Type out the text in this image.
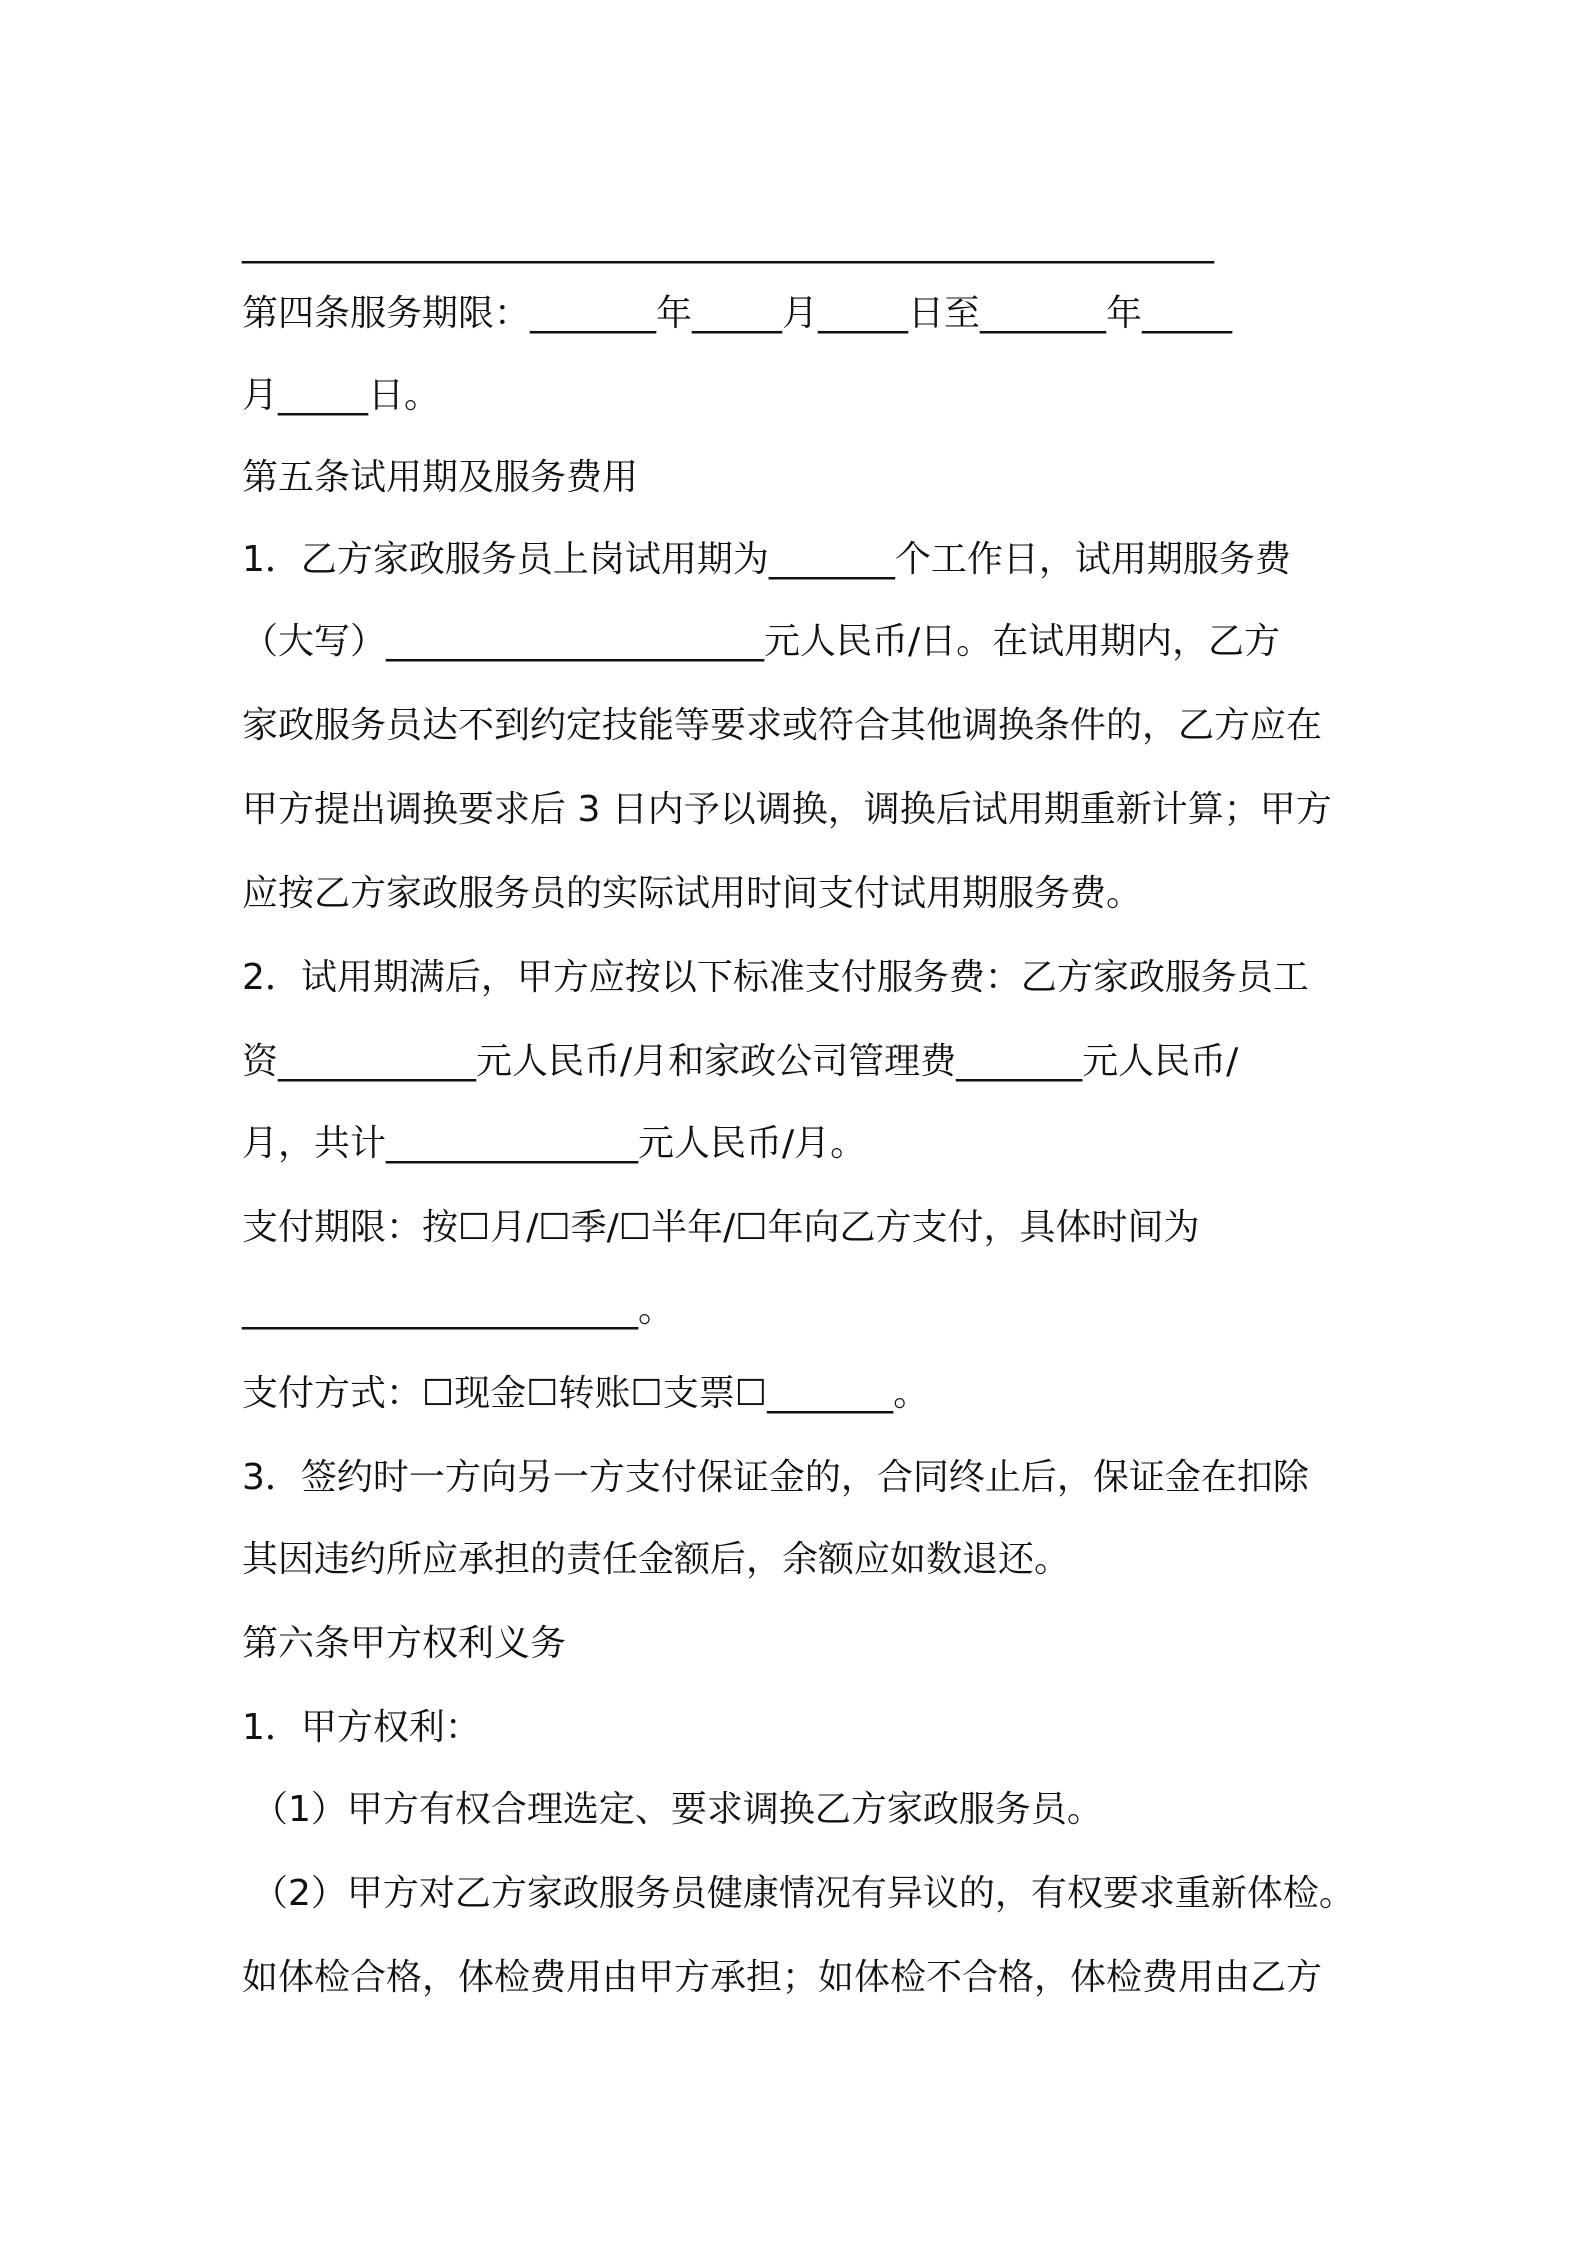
______________________________________________________
第四条服务期限：_______年_____月_____日至_______年_____
月_____日。
第五条试用期及服务费用
1．乙方家政服务员上岗试用期为_______个工作日，试用期服务费
（大写）_____________________元人民币/日。在试用期内，乙方
家政服务员达不到约定技能等要求或符合其他调换条件的，乙方应在
甲方提出调换要求后 3 日内予以调换，调换后试用期重新计算；甲方
应按乙方家政服务员的实际试用时间支付试用期服务费。
2．试用期满后，甲方应按以下标准支付服务费：乙方家政服务员工
资___________元人民币/月和家政公司管理费_______元人民币/
月，共计______________元人民币/月。
支付期限：按☐月/☐季/☐半年/☐年向乙方支付，具体时间为
______________________。
支付方式：☐现金☐转账☐支票☐_______。
3．签约时一方向另一方支付保证金的，合同终止后，保证金在扣除
其因违约所应承担的责任金额后，余额应如数退还。
第六条甲方权利义务
1．甲方权利：
（1）甲方有权合理选定、要求调换乙方家政服务员。
（2）甲方对乙方家政服务员健康情况有异议的，有权要求重新体检。
如体检合格，体检费用由甲方承担；如体检不合格，体检费用由乙方
